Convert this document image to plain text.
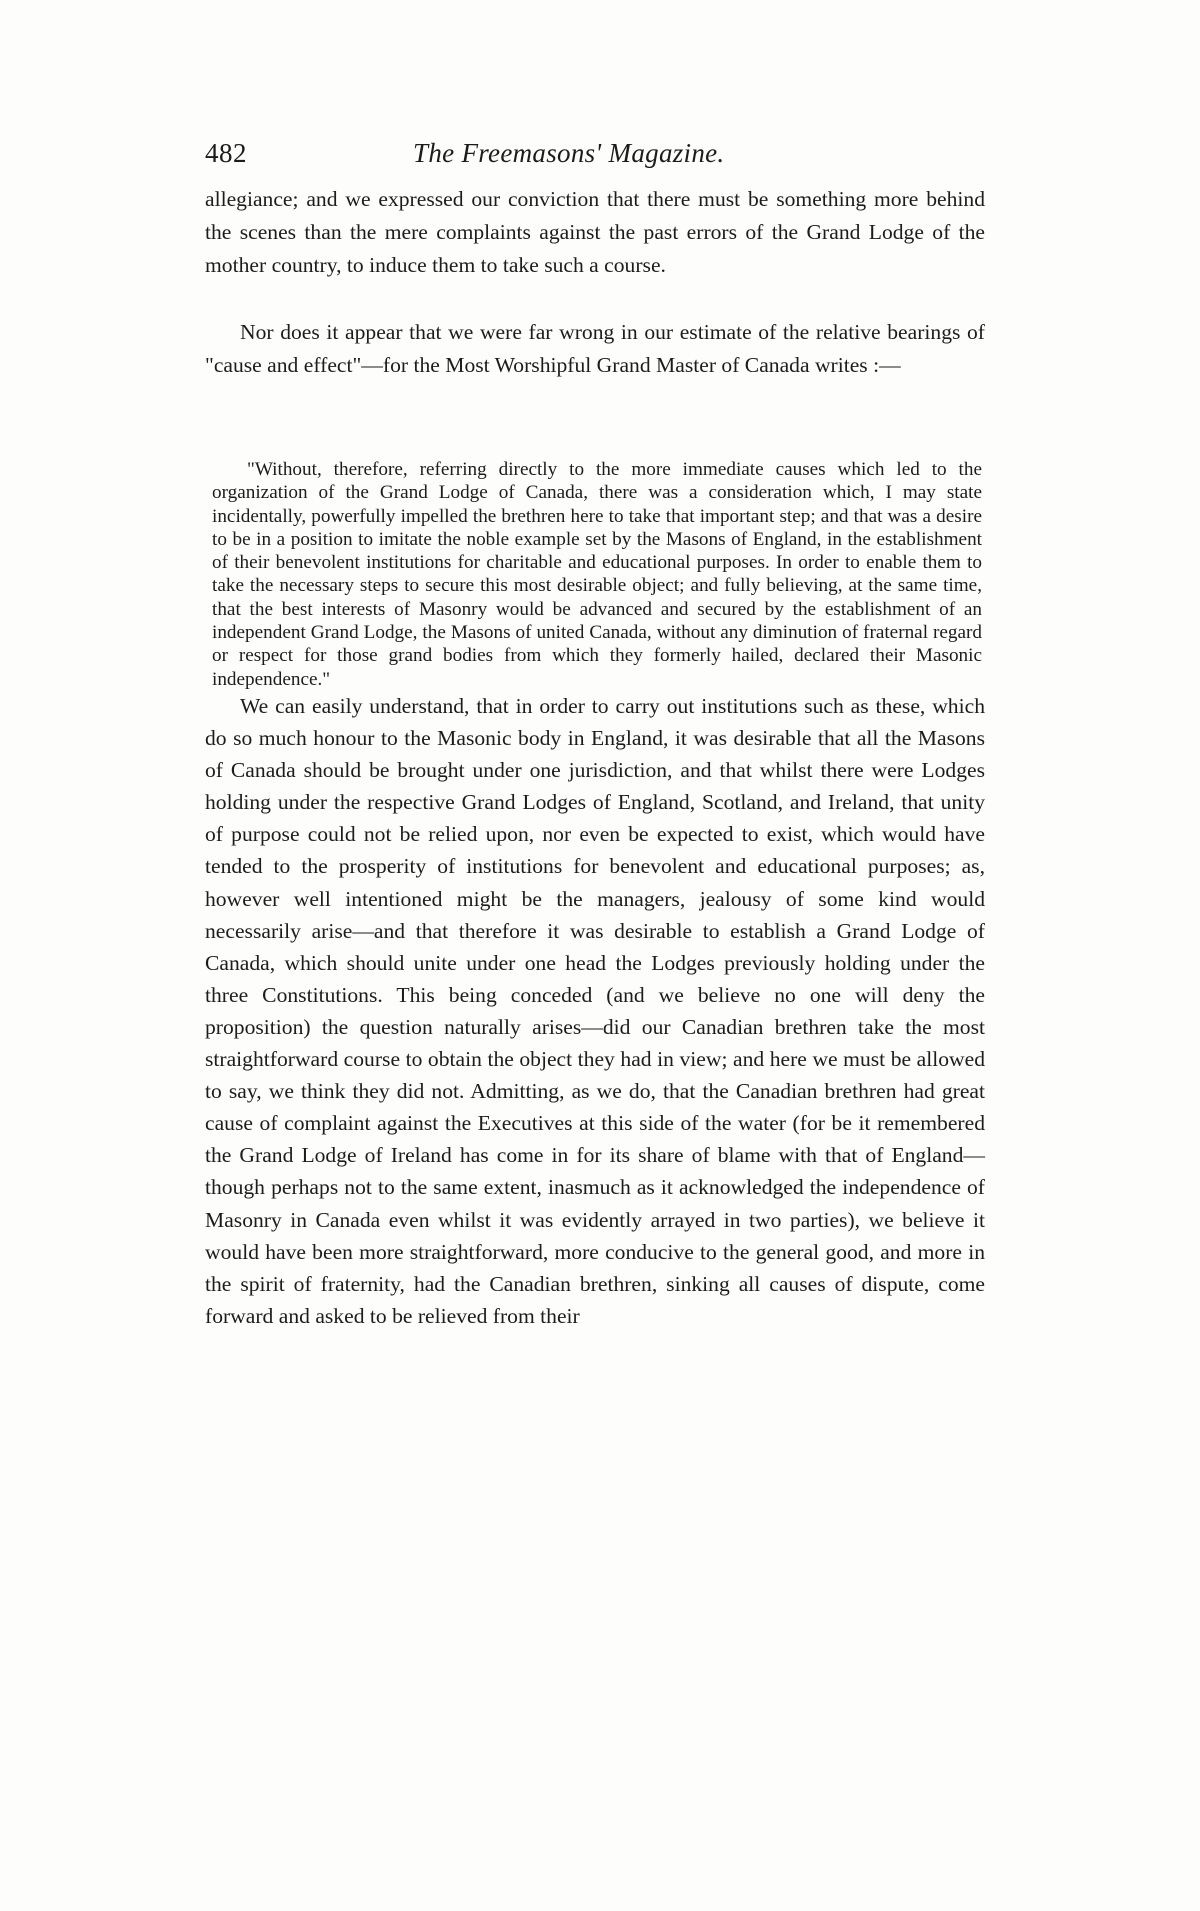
482	The Freemasons' Magazine.

allegiance; and we expressed our conviction that there must be something more behind the scenes than the mere complaints against the past errors of the Grand Lodge of the mother country, to induce them to take such a course.

Nor does it appear that we were far wrong in our estimate of the relative bearings of "cause and effect"—for the Most Worshipful Grand Master of Canada writes :—

"Without, therefore, referring directly to the more immediate causes which led to the organization of the Grand Lodge of Canada, there was a consideration which, I may state incidentally, powerfully impelled the brethren here to take that important step; and that was a desire to be in a position to imitate the noble example set by the Masons of England, in the establishment of their benevolent institutions for charitable and educational purposes. In order to enable them to take the necessary steps to secure this most desirable object; and fully believing, at the same time, that the best interests of Masonry would be advanced and secured by the establishment of an independent Grand Lodge, the Masons of united Canada, without any diminution of fraternal regard or respect for those grand bodies from which they formerly hailed, declared their Masonic independence."

We can easily understand, that in order to carry out institutions such as these, which do so much honour to the Masonic body in England, it was desirable that all the Masons of Canada should be brought under one jurisdiction, and that whilst there were Lodges holding under the respective Grand Lodges of England, Scotland, and Ireland, that unity of purpose could not be relied upon, nor even be expected to exist, which would have tended to the prosperity of institutions for benevolent and educational purposes; as, however well intentioned might be the managers, jealousy of some kind would necessarily arise—and that therefore it was desirable to establish a Grand Lodge of Canada, which should unite under one head the Lodges previously holding under the three Constitutions. This being conceded (and we believe no one will deny the proposition) the question naturally arises—did our Canadian brethren take the most straightforward course to obtain the object they had in view; and here we must be allowed to say, we think they did not. Admitting, as we do, that the Canadian brethren had great cause of complaint against the Executives at this side of the water (for be it remembered the Grand Lodge of Ireland has come in for its share of blame with that of England—though perhaps not to the same extent, inasmuch as it acknowledged the independence of Masonry in Canada even whilst it was evidently arrayed in two parties), we believe it would have been more straightforward, more conducive to the general good, and more in the spirit of fraternity, had the Canadian brethren, sinking all causes of dispute, come forward and asked to be relieved from their
